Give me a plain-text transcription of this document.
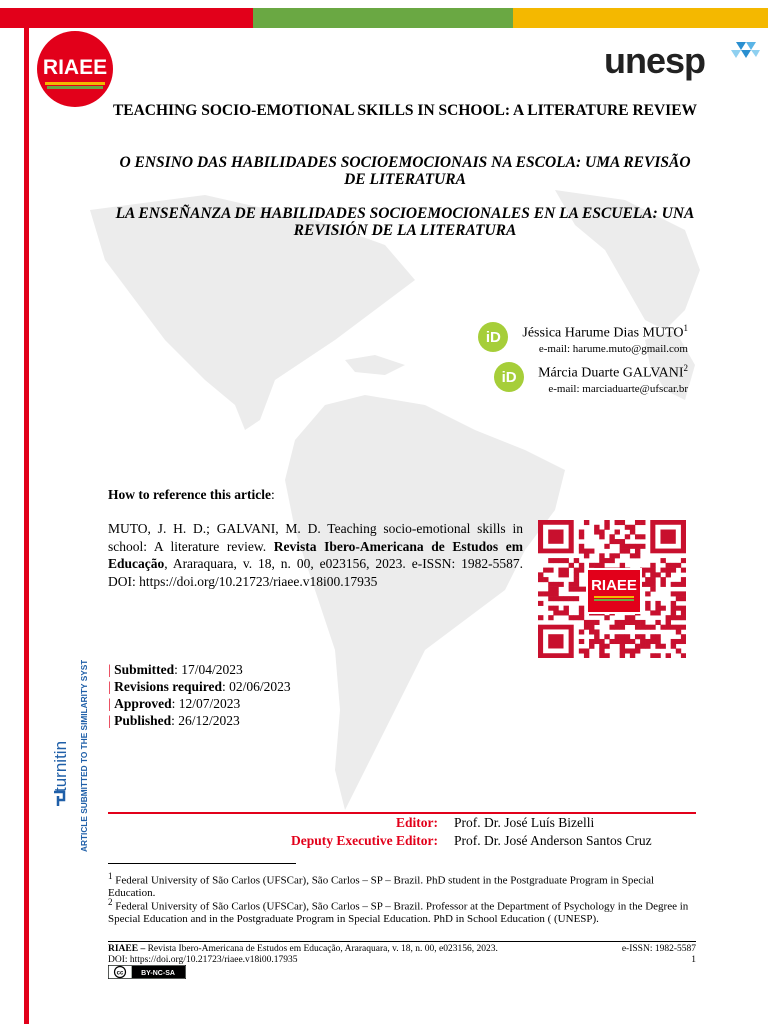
RIAEE	unesp
TEACHING SOCIO-EMOTIONAL SKILLS IN SCHOOL: A LITERATURE REVIEW
O ENSINO DAS HABILIDADES SOCIOEMOCIONAIS NA ESCOLA: UMA REVISÃO DE LITERATURA
LA ENSEÑANZA DE HABILIDADES SOCIOEMOCIONALES EN LA ESCUELA: UNA REVISIÓN DE LA LITERATURA
iD	Jéssica Harume Dias MUTO$^1$
e-mail: harume.muto@gmail.com
iD	Márcia Duarte GALVANI$^2$
e-mail: marciaduarte@ufscar.br
How to reference this article:
MUTO, J. H. D.; GALVANI, M. D. Teaching socio-emotional skills in school: A literature review. Revista Ibero-Americana de Estudos em Educação, Araraquara, v. 18, n. 00, e023156, 2023. e-ISSN: 1982-5587. DOI: https://doi.org/10.21723/riaee.v18i00.17935	RIAEE
| Submitted: 17/04/2023
| Revisions required: 02/06/2023
| Approved: 12/07/2023
| Published: 26/12/2023
turnitin ARTICLE SUBMITTED TO THE SIMILARITY SYSTEM	Editor: Prof. Dr. José Luís Bizelli
Deputy Executive Editor: Prof. Dr. José Anderson Santos Cruz
$^1$ Federal University of São Carlos (UFSCar), São Carlos – SP – Brazil. PhD student in the Postgraduate Program in Special Education.
$^2$ Federal University of São Carlos (UFSCar), São Carlos – SP – Brazil. Professor at the Department of Psychology in the Degree in Special Education and in the Postgraduate Program in Special Education. PhD in School Education ( (UNESP).
RIAEE – Revista Ibero-Americana de Estudos em Educação, Araraquara, v. 18, n. 00, e023156, 2023.	e-ISSN: 1982-5587
DOI: https://doi.org/10.21723/riaee.v18i00.17935	1
cc	BY-NC-SA
